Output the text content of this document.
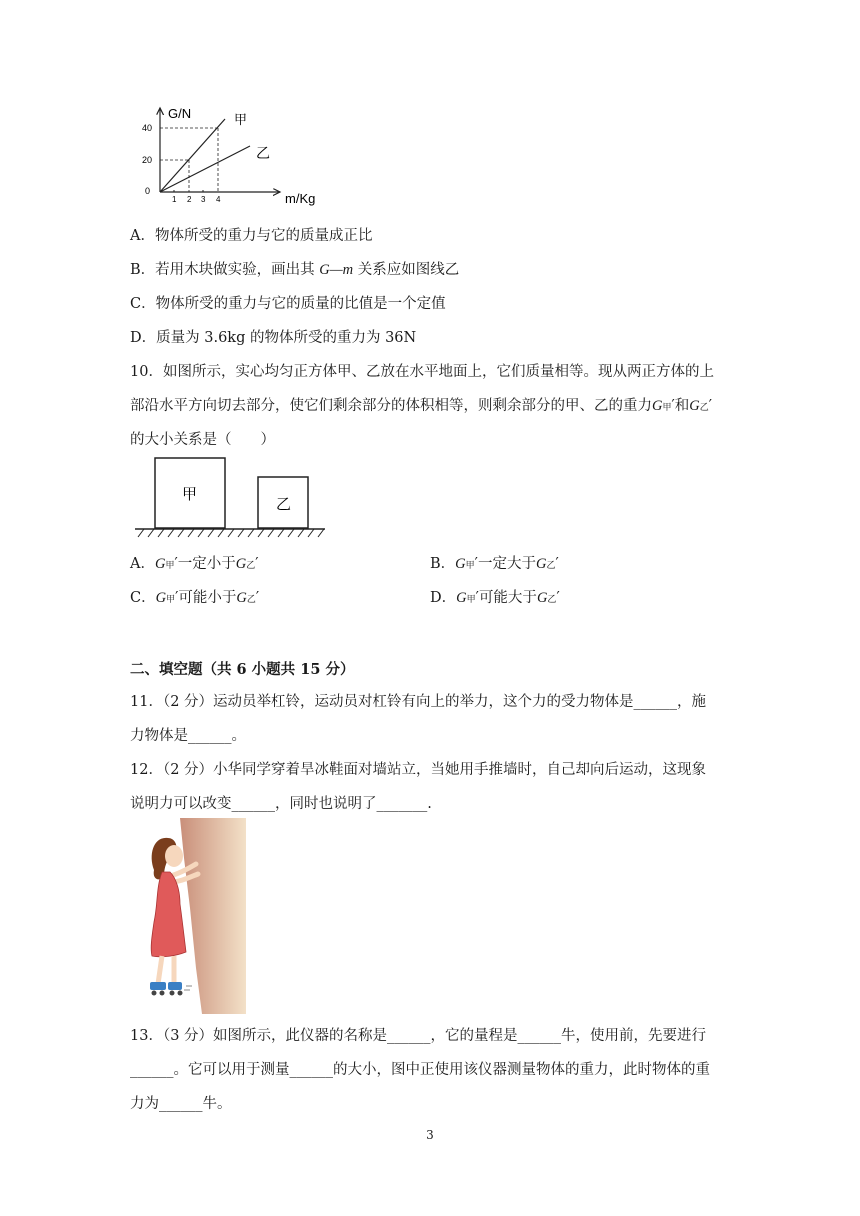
G/N
m/Kg
甲
乙
40
20
0
1 2 3 4
A．物体所受的重力与它的质量成正比
B．若用木块做实验，画出其 G—m 关系应如图线乙
C．物体所受的重力与它的质量的比值是一个定值
D．质量为 3.6kg 的物体所受的重力为 36N
10．如图所示，实心均匀正方体甲、乙放在水平地面上，它们质量相等。现从两正方体的上
部沿水平方向切去部分，使它们剩余部分的体积相等，则剩余部分的甲、乙的重力G甲′和G乙′
的大小关系是（　　）
甲
乙
A．G甲′一定小于G乙′	B．G甲′一定大于G乙′
C．G甲′可能小于G乙′	D．G甲′可能大于G乙′
二、填空题（共 6 小题共 15 分）
11．（2 分）运动员举杠铃，运动员对杠铃有向上的举力，这个力的受力物体是______，施
力物体是______。
12．（2 分）小华同学穿着旱冰鞋面对墙站立，当她用手推墙时，自己却向后运动，这现象
说明力可以改变______，同时也说明了_______.
13．（3 分）如图所示，此仪器的名称是______，它的量程是______牛，使用前，先要进行
______。它可以用于测量______的大小，图中正使用该仪器测量物体的重力，此时物体的重
力为______牛。
3
